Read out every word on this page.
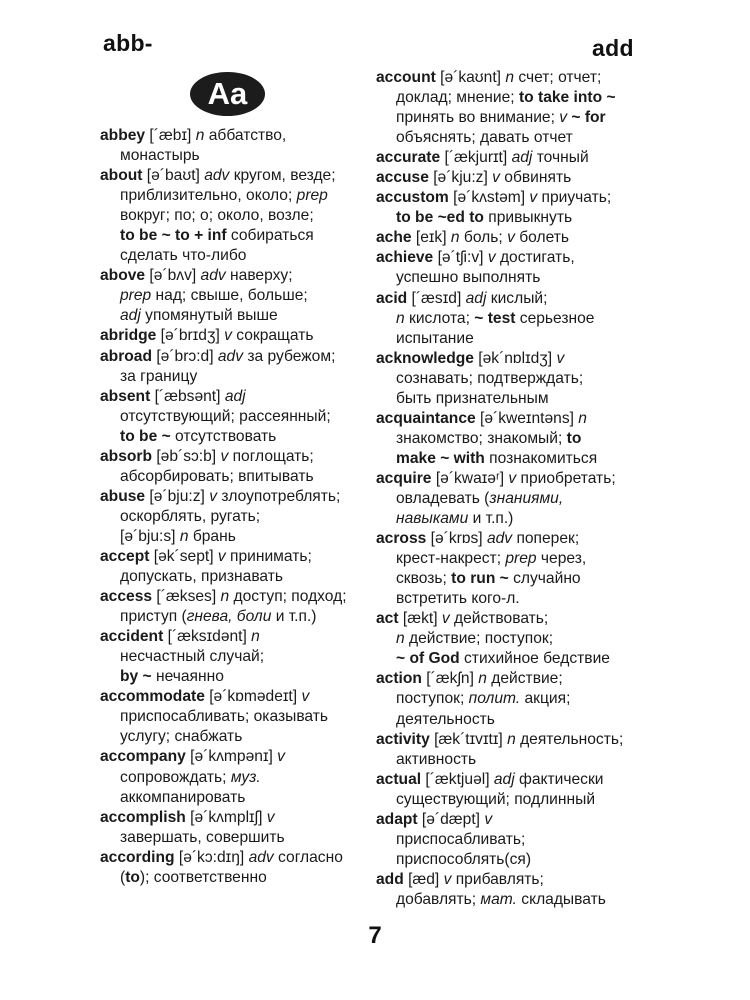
abb-	add
Aa
abbey [´æbɪ] n аббатство,
монастырь
about [ə´baʊt] adv кругом, везде;
приблизительно, около; prep
вокруг; по; о; около, возле;
to be ~ to + inf собираться
сделать что-либо
above [ə´bʌv] adv наверху;
prep над; свыше, больше;
adj упомянутый выше
abridge [ə´brɪdʒ] v сокращать
abroad [ə´brɔ:d] adv за рубежом;
за границу
absent [´æbsənt] adj
отсутствующий; рассеянный;
to be ~ отсутствовать
absorb [əb´sɔ:b] v поглощать;
абсорбировать; впитывать
abuse [ə´bju:z] v злоупотреблять;
оскорблять, ругать;
[ə´bju:s] n брань
accept [ək´sept] v принимать;
допускать, признавать
access [´ækses] n доступ; подход;
приступ (гнева, боли и т.п.)
accident [´æksɪdənt] n
несчастный случай;
by ~ нечаянно
accommodate [ə´kɒmədeɪt] v
приспосабливать; оказывать
услугу; снабжать
accompany [ə´kʌmpənɪ] v
сопровождать; муз.
аккомпанировать
accomplish [ə´kʌmplɪʃ] v
завершать, совершить
according [ə´kɔ:dɪŋ] adv согласно
(to); соответственно
account [ə´kaʊnt] n счет; отчет;
доклад; мнение; to take into ~
принять во внимание; v ~ for
объяснять; давать отчет
accurate [´ækjurɪt] adj точный
accuse [ə´kju:z] v обвинять
accustom [ə´kʌstəm] v приучать;
to be ~ed to привыкнуть
ache [eɪk] n боль; v болеть
achieve [ə´tʃi:v] v достигать,
успешно выполнять
acid [´æsɪd] adj кислый;
n кислота; ~ test серьезное
испытание
acknowledge [ək´nɒlɪdʒ] v
сознавать; подтверждать;
быть признательным
acquaintance [ə´kweɪntəns] n
знакомство; знакомый; to
make ~ with познакомиться
acquire [ə´kwaɪəʳ] v приобретать;
овладевать (знаниями,
навыками и т.п.)
across [ə´krɒs] adv поперек;
крест-накрест; prep через,
сквозь; to run ~ случайно
встретить кого-л.
act [ækt] v действовать;
n действие; поступок;
~ of God стихийное бедствие
action [´ækʃn] n действие;
поступок; полит. акция;
деятельность
activity [æk´tɪvɪtɪ] n деятельность;
активность
actual [´æktjuəl] adj фактически
существующий; подлинный
adapt [ə´dæpt] v
приспосабливать;
приспособлять(ся)
add [æd] v прибавлять;
добавлять; мат. складывать
7
